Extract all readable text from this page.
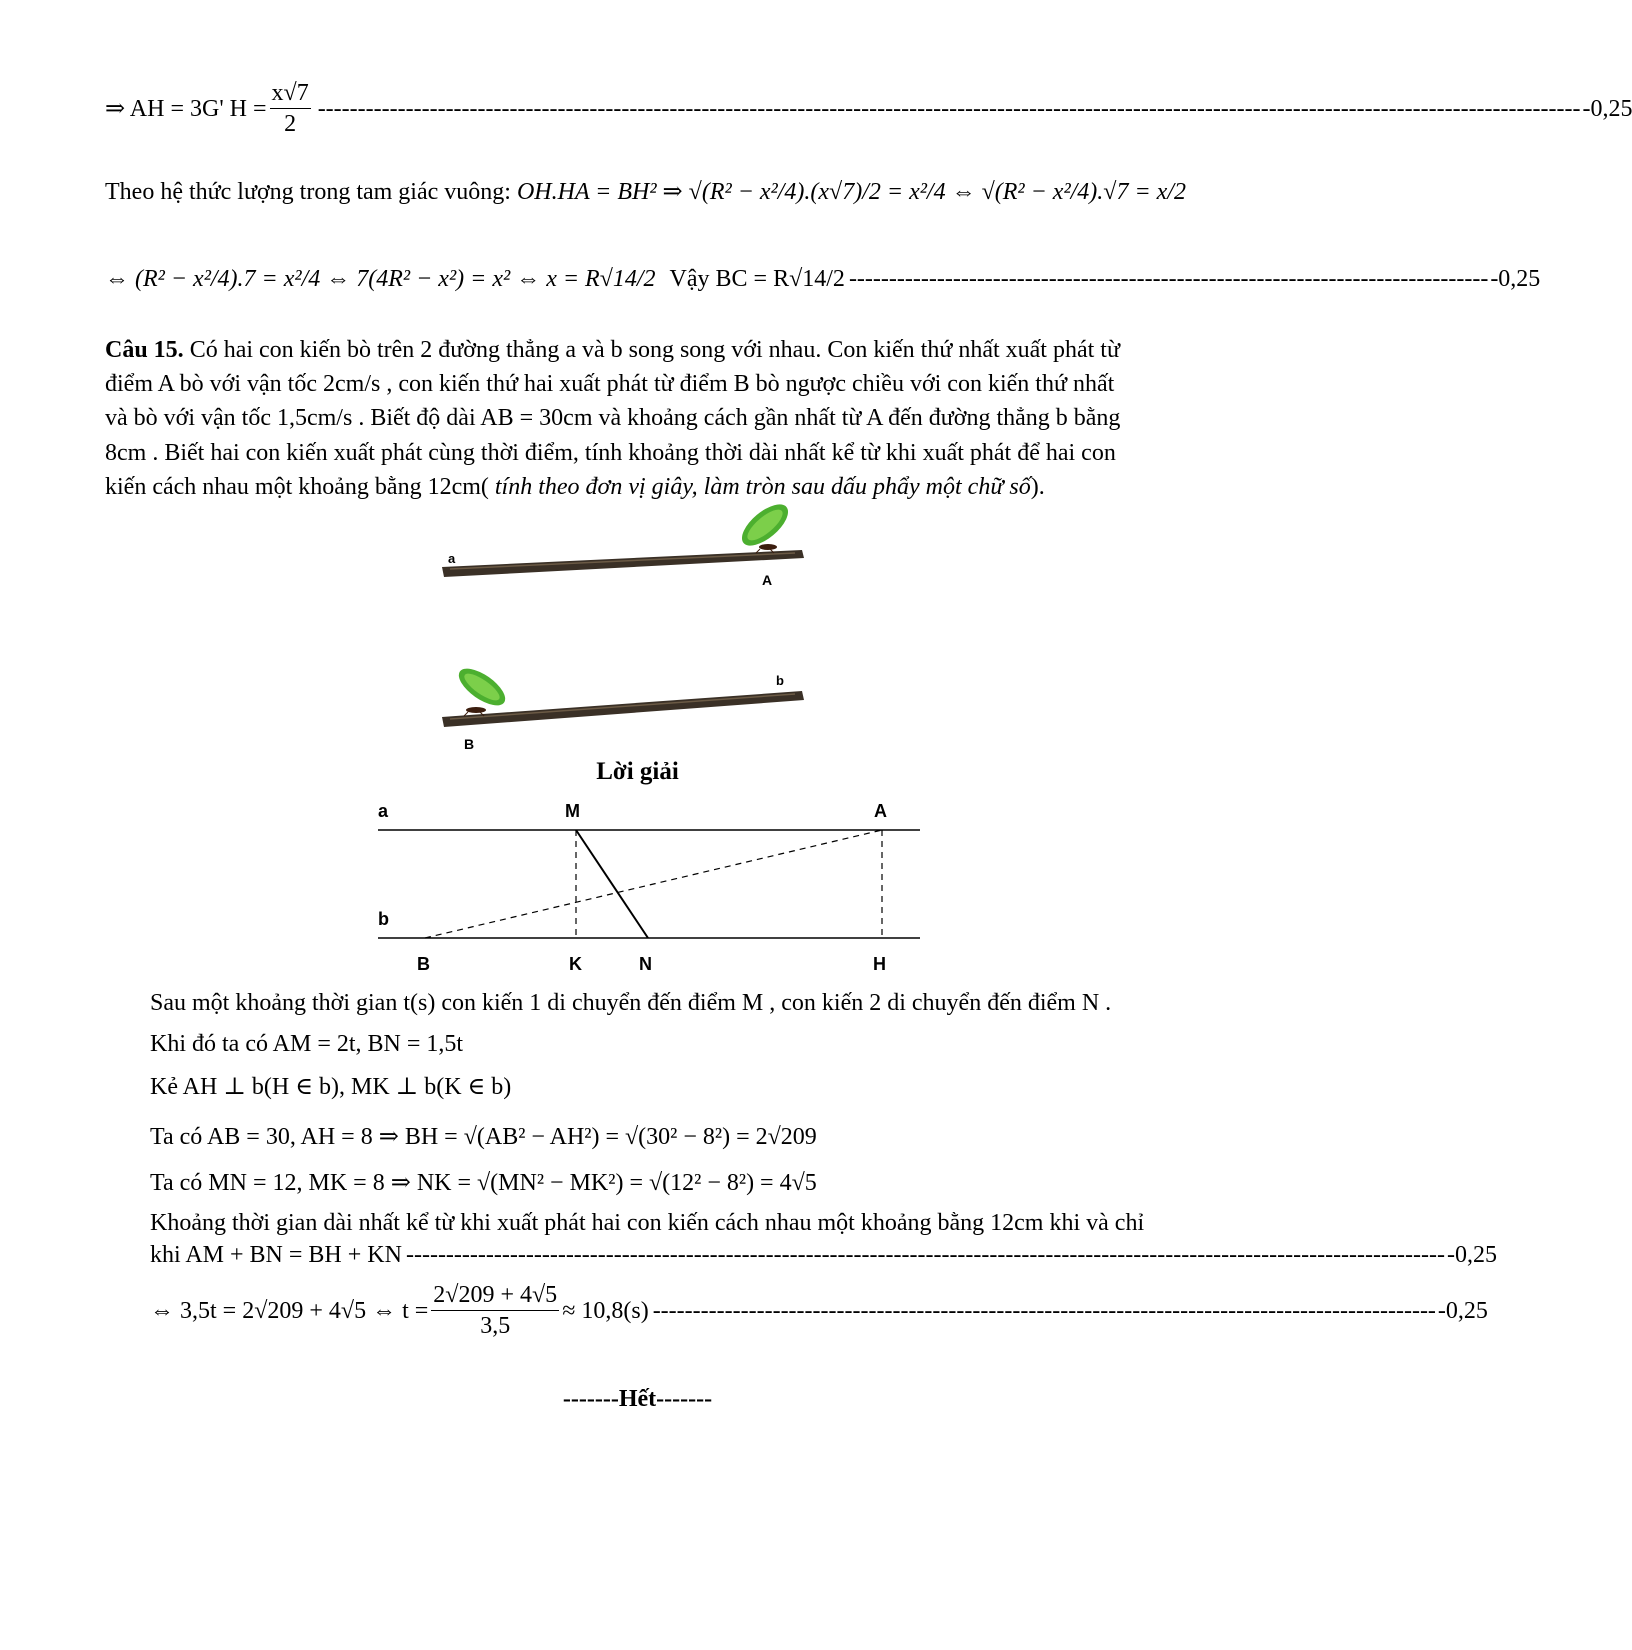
⇒ AH = 3G' $H = \frac{x√7}{2}$ -------------------------------------------------------------------------------------------------------------------------------------------------------------- -0,25
Theo hệ thức lượng trong tam giác vuông: OH.HA = BH² ⇒ √(R² − x²/4).(x√7)/2 = x²/4 ⇔ √(R² − x²/4).√7 = x/2
⇔ (R² − x²/4).7 = x²/4 ⇔ 7(4R² − x²) = x² ⇔ x = R√14/2 Vậy BC = R√14/2 -------------------------------------------------------------------------------- -0,25
Câu 15. Có hai con kiến bò trên 2 đường thẳng a và b song song với nhau. Con kiến thứ nhất xuất phát từ
điểm A bò với vận tốc 2cm/s , con kiến thứ hai xuất phát từ điểm B bò ngược chiều với con kiến thứ nhất
và bò với vận tốc 1,5cm/s . Biết độ dài AB = 30cm và khoảng cách gần nhất từ A đến đường thẳng b bằng
8cm . Biết hai con kiến xuất phát cùng thời điểm, tính khoảng thời dài nhất kể từ khi xuất phát để hai con
kiến cách nhau một khoảng bằng 12cm( tính theo đơn vị giây, làm tròn sau dấu phẩy một chữ số).
a
A
b
B
Lời giải
a	M	A
b
B	K	N	H
Sau một khoảng thời gian t(s) con kiến 1 di chuyển đến điểm M , con kiến 2 di chuyển đến điểm N .
Khi đó ta có AM = 2t, BN = 1,5t
Kẻ AH ⊥ b(H ∈ b), MK ⊥ b(K ∈ b)
Ta có AB = 30, AH = 8 ⇒ BH = √(AB² − AH²) = √(30² − 8²) = 2√209
Ta có MN = 12, MK = 8 ⇒ NK = √(MN² − MK²) = √(12² − 8²) = 4√5
Khoảng thời gian dài nhất kể từ khi xuất phát hai con kiến cách nhau một khoảng bằng 12cm khi và chỉ
khi AM + BN = BH + KN ---------------------------------------------------------------------------------------------------------------------------------- -0,25
⇔ 3,5t = 2√209 + 4√5 ⇔ $t = \frac{2√209 + 4√5}{3,5} \approx 10,8(s)$ -------------------------------------------------------------------------------------------------- -0,25
-------Hết-------
